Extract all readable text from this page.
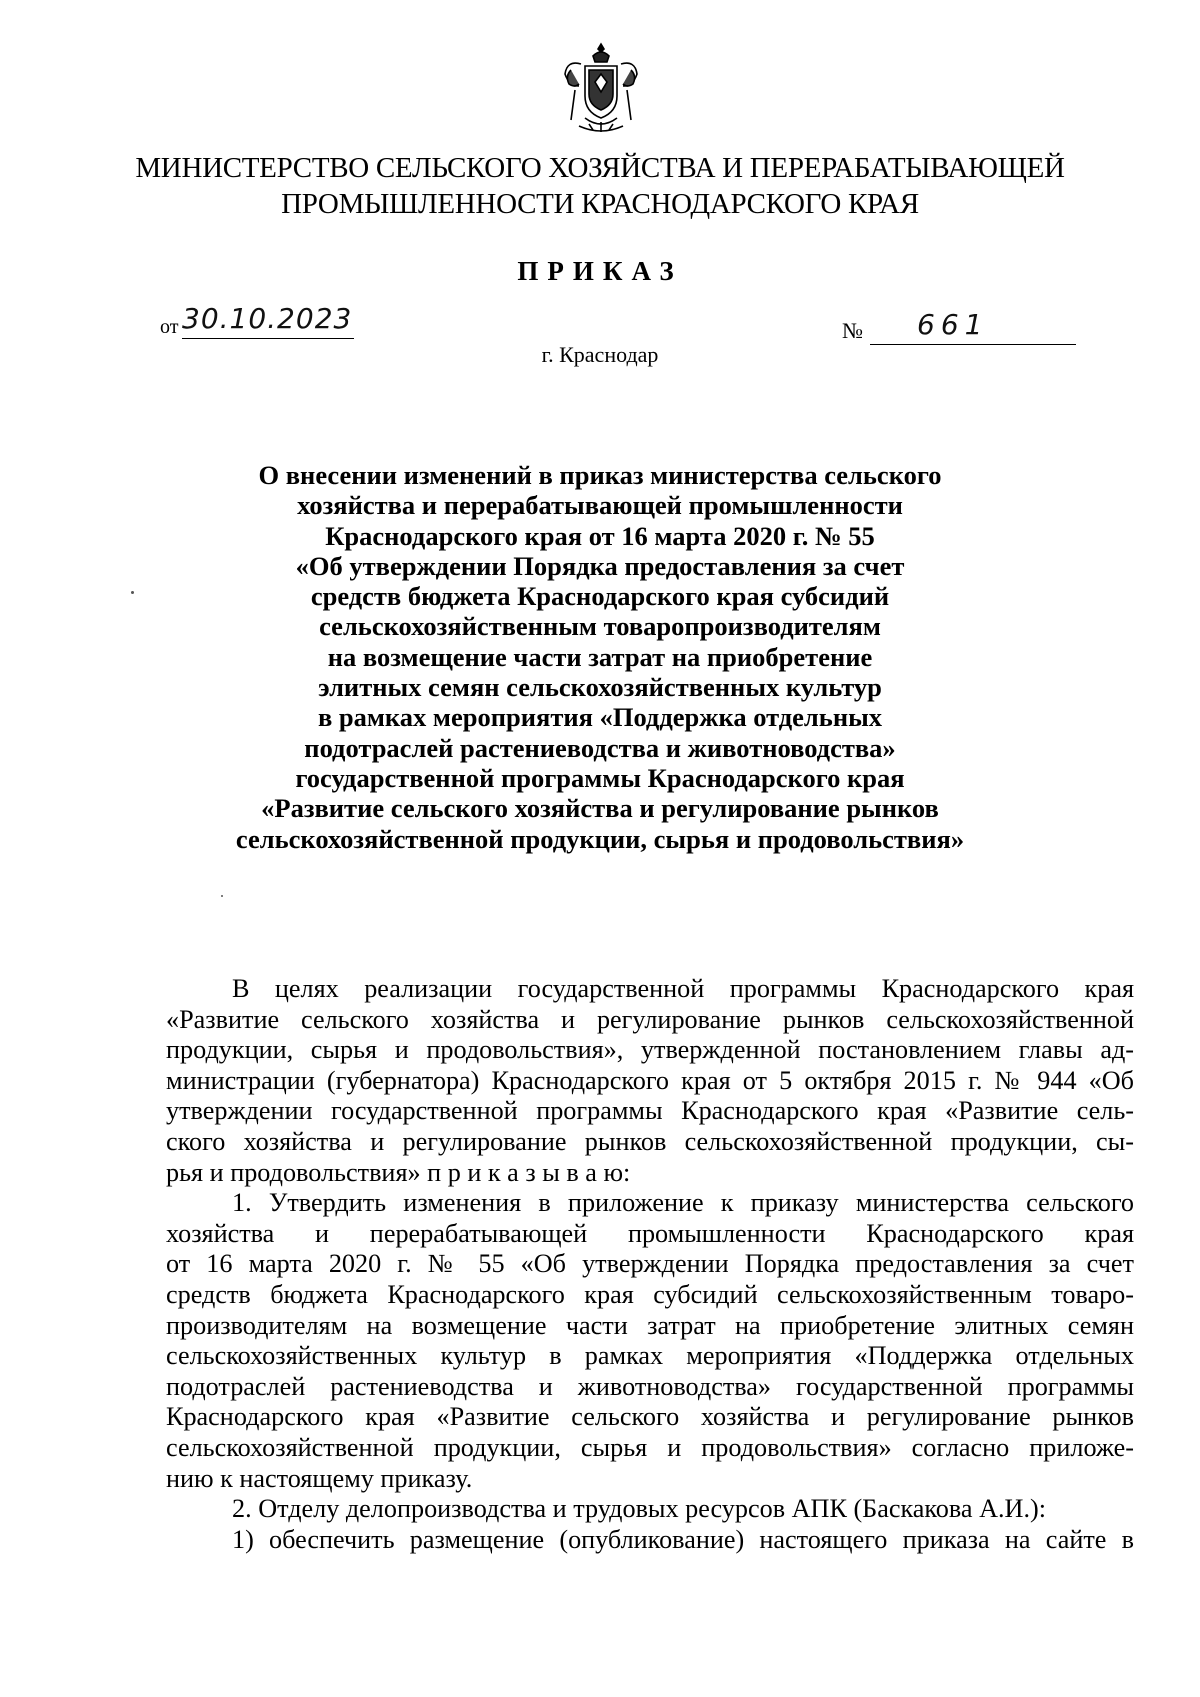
МИНИСТЕРСТВО СЕЛЬСКОГО ХОЗЯЙСТВА И ПЕРЕРАБАТЫВАЮЩЕЙ
ПРОМЫШЛЕННОСТИ КРАСНОДАРСКОГО КРАЯ
ПРИКАЗ
от 30.10.2023	№ 661
г. Краснодар
О внесении изменений в приказ министерства сельского
хозяйства и перерабатывающей промышленности
Краснодарского края от 16 марта 2020 г. № 55
«Об утверждении Порядка предоставления за счет
средств бюджета Краснодарского края субсидий
сельскохозяйственным товаропроизводителям
на возмещение части затрат на приобретение
элитных семян сельскохозяйственных культур
в рамках мероприятия «Поддержка отдельных
подотраслей растениеводства и животноводства»
государственной программы Краснодарского края
«Развитие сельского хозяйства и регулирование рынков
сельскохозяйственной продукции, сырья и продовольствия»
В целях реализации государственной программы Краснодарского края
«Развитие сельского хозяйства и регулирование рынков сельскохозяйственной
продукции, сырья и продовольствия», утвержденной постановлением главы ад-
министрации (губернатора) Краснодарского края от 5 октября 2015 г. № 944 «Об
утверждении государственной программы Краснодарского края «Развитие сель-
ского хозяйства и регулирование рынков сельскохозяйственной продукции, сы-
рья и продовольствия» п р и к а з ы в а ю:
1. Утвердить изменения в приложение к приказу министерства сельского
хозяйства и перерабатывающей промышленности Краснодарского края
от 16 марта 2020 г. № 55 «Об утверждении Порядка предоставления за счет
средств бюджета Краснодарского края субсидий сельскохозяйственным товаро-
производителям на возмещение части затрат на приобретение элитных семян
сельскохозяйственных культур в рамках мероприятия «Поддержка отдельных
подотраслей растениеводства и животноводства» государственной программы
Краснодарского края «Развитие сельского хозяйства и регулирование рынков
сельскохозяйственной продукции, сырья и продовольствия» согласно приложе-
нию к настоящему приказу.
2. Отделу делопроизводства и трудовых ресурсов АПК (Баскакова А.И.):
1) обеспечить размещение (опубликование) настоящего приказа на сайте в
